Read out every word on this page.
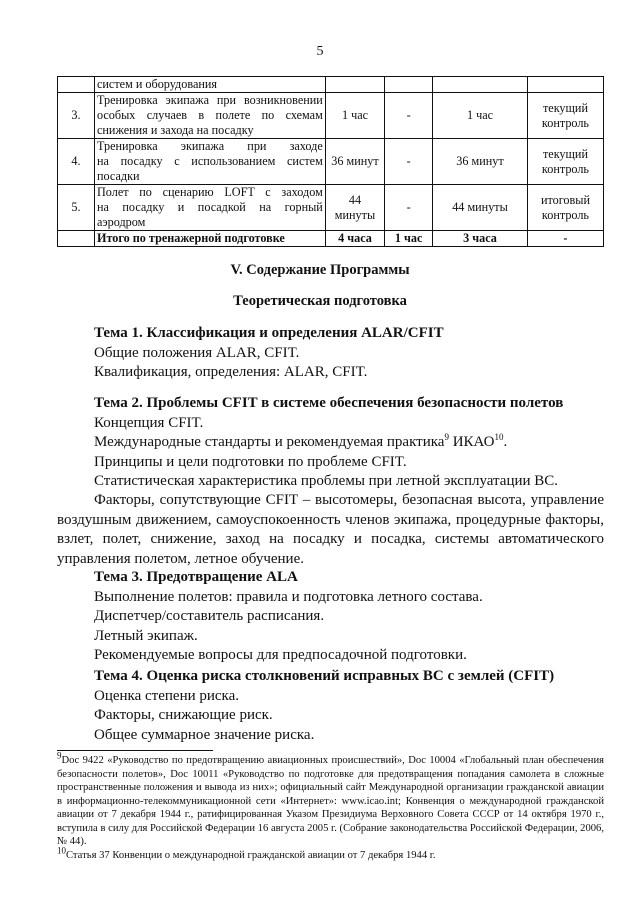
5

	систем и оборудования				

3.	Тренировка экипажа при возникновении
особых случаев в полете по схемам
снижения и захода на посадку	1 час	-	1 час	текущий контроль
4.	Тренировка экипажа при заходе
на посадку с использованием систем
посадки	36 минут	-	36 минут	текущий контроль
5.	Полет по сценарию LOFT с заходом
на посадку и посадкой на горный
аэродром	44 минуты	-	44 минуты	итоговый контроль
	Итого по тренажерной подготовке	4 часа	1 час	3 часа	-
V. Содержание Программы
Теоретическая подготовка
Тема 1. Классификация и определения ALAR/CFIT
Общие положения ALAR, CFIT.
Квалификация, определения: ALAR, CFIT.
Тема 2. Проблемы CFIT в системе обеспечения безопасности полетов
Концепция CFIT.
Международные стандарты и рекомендуемая практика$^9$ ИКАО$^{10}$.
Принципы и цели подготовки по проблеме CFIT.
Статистическая характеристика проблемы при летной эксплуатации ВС.
Факторы, сопутствующие CFIT – высотомеры, безопасная высота, управление воздушным движением, самоуспокоенность членов экипажа, процедурные факторы, взлет, полет, снижение, заход на посадку и посадка, системы автоматического управления полетом, летное обучение.
Тема 3. Предотвращение ALA
Выполнение полетов: правила и подготовка летного состава.
Диспетчер/составитель расписания.
Летный экипаж.
Рекомендуемые вопросы для предпосадочной подготовки.
Тема 4. Оценка риска столкновений исправных ВС с землей (CFIT)
Оценка степени риска.
Факторы, снижающие риск.
Общее суммарное значение риска.

$^9$Doc 9422 «Руководство по предотвращению авиационных происшествий», Doc 10004 «Глобальный план обеспечения безопасности полетов», Doc 10011 «Руководство по подготовке для предотвращения попадания самолета в сложные пространственные положения и вывода из них»; официальный сайт Международной организации гражданской авиации в информационно-телекоммуникационной сети «Интернет»: www.icao.int; Конвенция о международной гражданской авиации от 7 декабря 1944 г., ратифицированная Указом Президиума Верховного Совета СССР от 14 октября 1970 г., вступила в силу для Российской Федерации 16 августа 2005 г. (Собрание законодательства Российской Федерации, 2006, № 44).

$^{10}$Статья 37 Конвенции о международной гражданской авиации от 7 декабря 1944 г.
